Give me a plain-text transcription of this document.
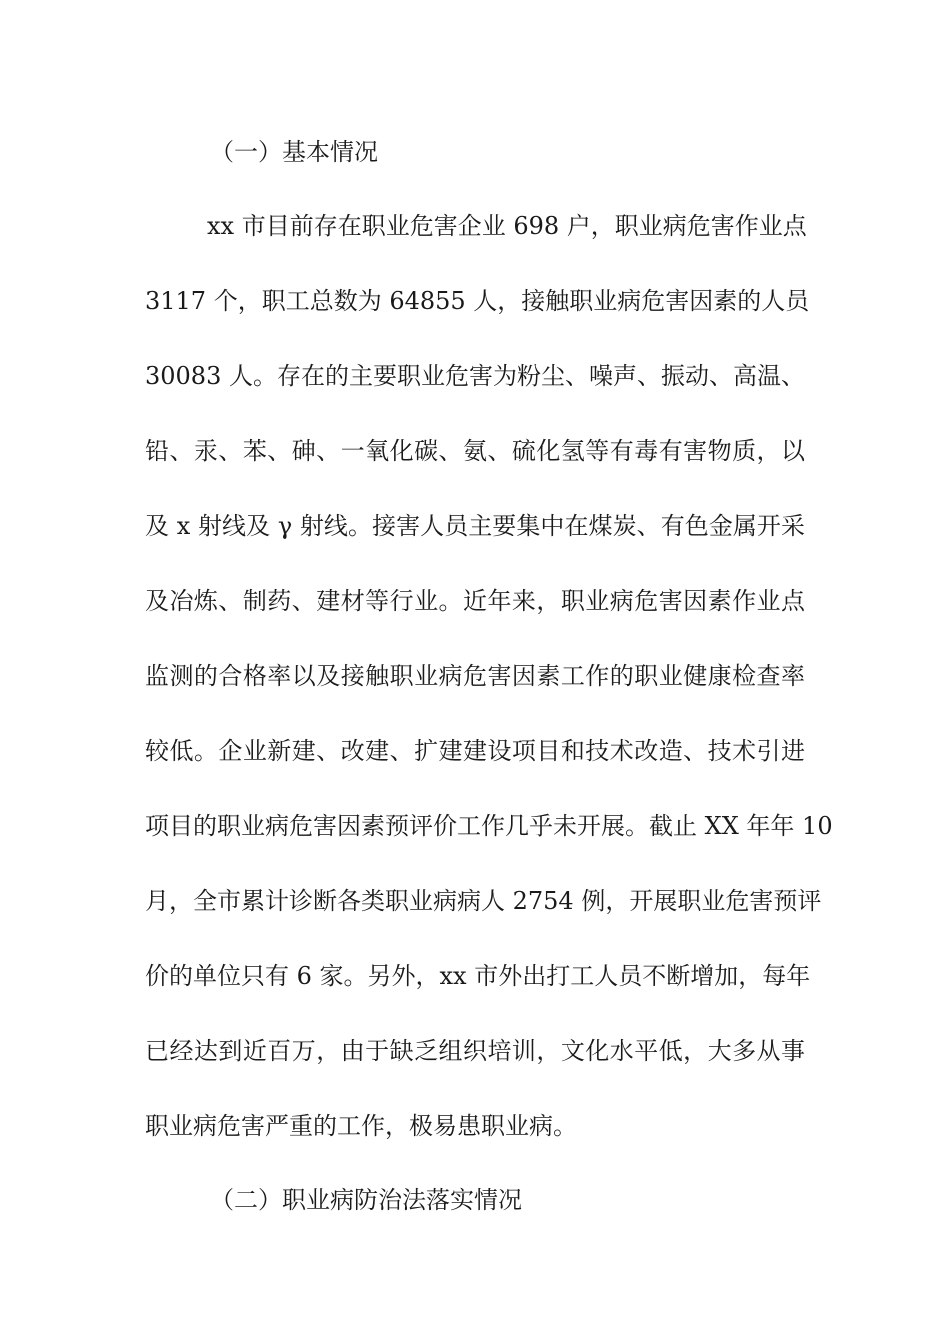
（一）基本情况
xx 市目前存在职业危害企业 698 户，职业病危害作业点
3117 个，职工总数为 64855 人，接触职业病危害因素的人员
30083 人。存在的主要职业危害为粉尘、噪声、振动、高温、
铅、汞、苯、砷、一氧化碳、氨、硫化氢等有毒有害物质，以
及 x 射线及 γ 射线。接害人员主要集中在煤炭、有色金属开采
及冶炼、制药、建材等行业。近年来，职业病危害因素作业点
监测的合格率以及接触职业病危害因素工作的职业健康检查率
较低。企业新建、改建、扩建建设项目和技术改造、技术引进
项目的职业病危害因素预评价工作几乎未开展。截止 XX 年年 10
月，全市累计诊断各类职业病病人 2754 例，开展职业危害预评
价的单位只有 6 家。另外，xx 市外出打工人员不断增加，每年
已经达到近百万，由于缺乏组织培训，文化水平低，大多从事
职业病危害严重的工作，极易患职业病。
（二）职业病防治法落实情况
